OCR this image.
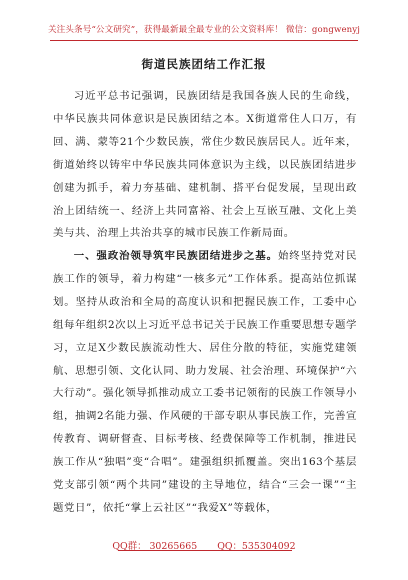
关注头条号“公文研究”，获得最新最全最专业的公文资料库！ 微信：gongwenyj
街道民族团结工作汇报
习近平总书记强调，民族团结是我国各族人民的生命线，中华民族共同体意识是民族团结之本。X街道常住人口万，有回、满、蒙等21个少数民族，常住少数民族居民人。近年来，街道始终以铸牢中华民族共同体意识为主线，以民族团结进步创建为抓手，着力夯基础、建机制、搭平台促发展，呈现出政治上团结统一、经济上共同富裕、社会上互嵌互融、文化上美美与共、治理上共治共享的城市民族工作新局面。
一、强政治领导筑牢民族团结进步之基。始终坚持党对民族工作的领导，着力构建“一核多元”工作体系。提高站位抓谋划。坚持从政治和全局的高度认识和把握民族工作，工委中心组每年组织2次以上习近平总书记关于民族工作重要思想专题学习，立足X少数民族流动性大、居住分散的特征，实施党建领航、思想引领、文化认同、助力发展、社会治理、环境保护“六大行动”。强化领导抓推动成立工委书记领衔的民族工作领导小组，抽调2名能力强、作风硬的干部专职从事民族工作，完善宣传教育、调研督查、目标考核、经费保障等工作机制，推进民族工作从“独唱”变“合唱”。建强组织抓覆盖。突出163个基层党支部引领“两个共同”建设的主导地位，结合“三会一课”“主题党日”，依托“掌上云社区”“我爱X”等载体，
QQ群： 30265665 QQ：535304092
